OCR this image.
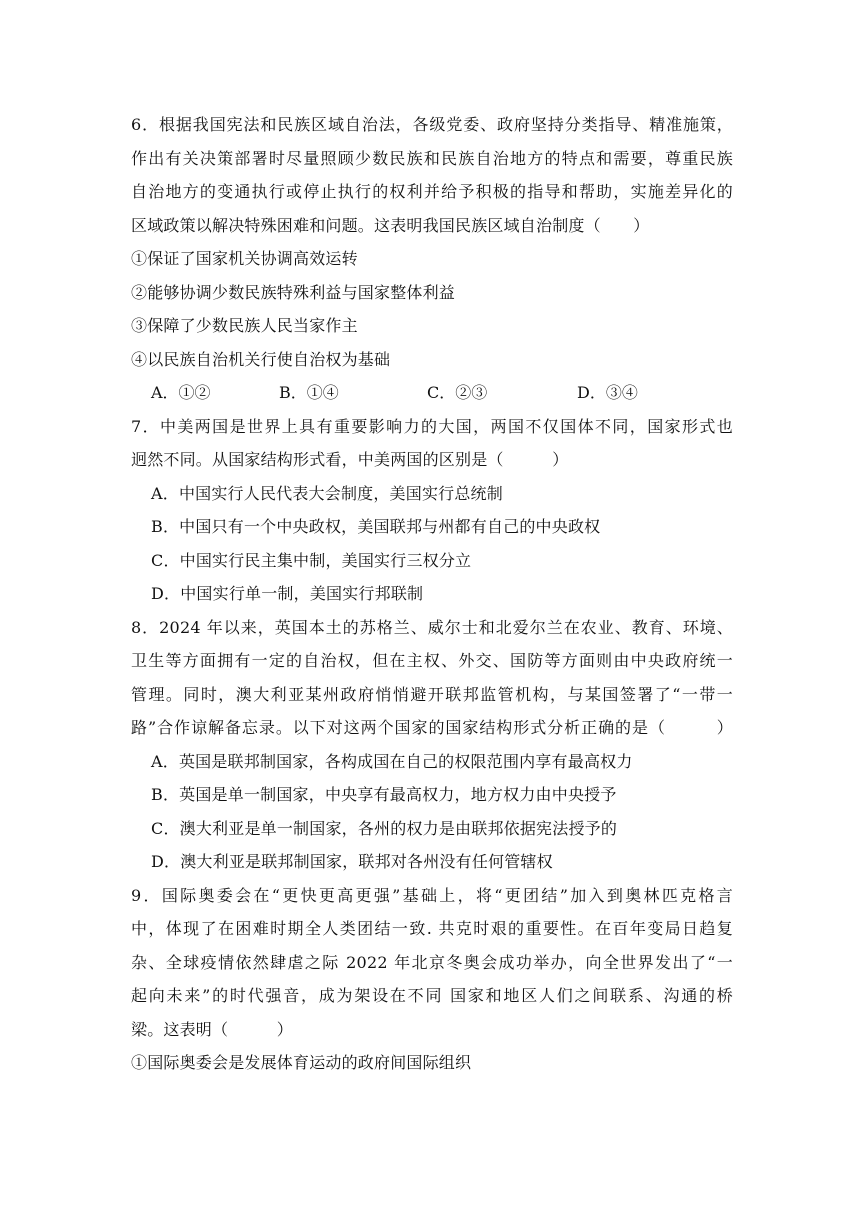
6．根据我国宪法和民族区域自治法，各级党委、政府坚持分类指导、精准施策，
作出有关决策部署时尽量照顾少数民族和民族自治地方的特点和需要，尊重民族
自治地方的变通执行或停止执行的权利并给予积极的指导和帮助，实施差异化的
区域政策以解决特殊困难和问题。这表明我国民族区域自治制度（　　）
①保证了国家机关协调高效运转
②能够协调少数民族特殊利益与国家整体利益
③保障了少数民族人民当家作主
④以民族自治机关行使自治权为基础
A．①②	B．①④	C．②③	D．③④
7．中美两国是世界上具有重要影响力的大国，两国不仅国体不同，国家形式也
迥然不同。从国家结构形式看，中美两国的区别是（　　　）
A．中国实行人民代表大会制度，美国实行总统制
B．中国只有一个中央政权，美国联邦与州都有自己的中央政权
C．中国实行民主集中制，美国实行三权分立
D．中国实行单一制，美国实行邦联制
8．2024 年以来，英国本土的苏格兰、威尔士和北爱尔兰在农业、教育、环境、
卫生等方面拥有一定的自治权，但在主权、外交、国防等方面则由中央政府统一
管理。同时，澳大利亚某州政府悄悄避开联邦监管机构，与某国签署了“一带一
路”合作谅解备忘录。以下对这两个国家的国家结构形式分析正确的是（　　　）
A．英国是联邦制国家，各构成国在自己的权限范围内享有最高权力
B．英国是单一制国家，中央享有最高权力，地方权力由中央授予
C．澳大利亚是单一制国家，各州的权力是由联邦依据宪法授予的
D．澳大利亚是联邦制国家，联邦对各州没有任何管辖权
9．国际奥委会在“更快更高更强”基础上，将“更团结”加入到奥林匹克格言
中，体现了在困难时期全人类团结一致. 共克时艰的重要性。在百年变局日趋复
杂、全球疫情依然肆虐之际 2022 年北京冬奥会成功举办，向全世界发出了“一
起向未来”的时代强音，成为架设在不同 国家和地区人们之间联系、沟通的桥
梁。这表明（　　　）
①国际奥委会是发展体育运动的政府间国际组织
